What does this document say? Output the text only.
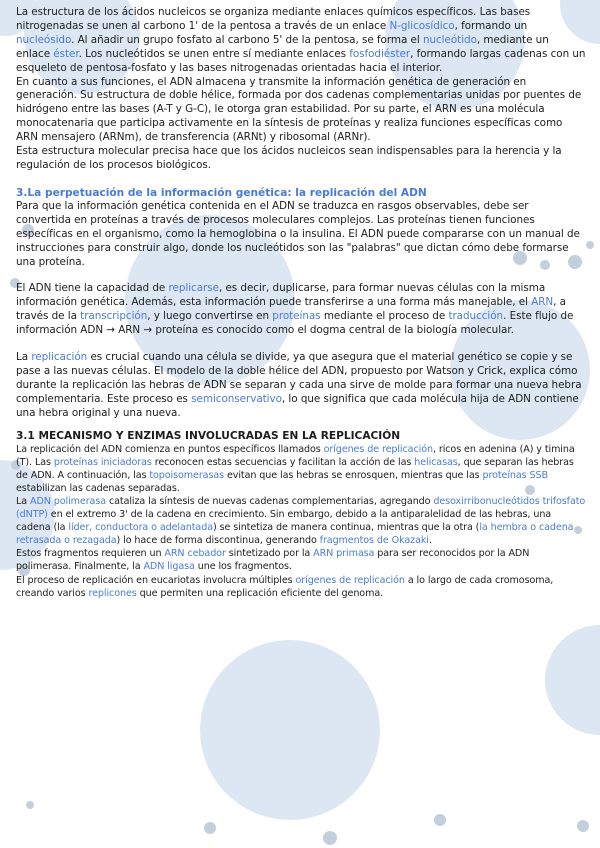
La estructura de los ácidos nucleicos se organiza mediante enlaces químicos específicos. Las bases nitrogenadas se unen al carbono 1' de la pentosa a través de un enlace N-glicosídico, formando un nucleósido. Al añadir un grupo fosfato al carbono 5' de la pentosa, se forma el nucleótido, mediante un enlace éster. Los nucleótidos se unen entre sí mediante enlaces fosfodiéster, formando largas cadenas con un esqueleto de pentosa-fosfato y las bases nitrogenadas orientadas hacia el interior.

En cuanto a sus funciones, el ADN almacena y transmite la información genética de generación en generación. Su estructura de doble hélice, formada por dos cadenas complementarias unidas por puentes de hidrógeno entre las bases (A-T y G-C), le otorga gran estabilidad. Por su parte, el ARN es una molécula monocatenaria que participa activamente en la síntesis de proteínas y realiza funciones específicas como ARN mensajero (ARNm), de transferencia (ARNt) y ribosomal (ARNr).

Esta estructura molecular precisa hace que los ácidos nucleicos sean indispensables para la herencia y la regulación de los procesos biológicos.

3.La perpetuación de la información genética: la replicación del ADN

Para que la información genética contenida en el ADN se traduzca en rasgos observables, debe ser convertida en proteínas a través de procesos moleculares complejos. Las proteínas tienen funciones específicas en el organismo, como la hemoglobina o la insulina. El ADN puede compararse con un manual de instrucciones para construir algo, donde los nucleótidos son las "palabras" que dictan cómo debe formarse una proteína.

El ADN tiene la capacidad de replicarse, es decir, duplicarse, para formar nuevas células con la misma información genética. Además, esta información puede transferirse a una forma más manejable, el ARN, a través de la transcripción, y luego convertirse en proteínas mediante el proceso de traducción. Este flujo de información ADN → ARN → proteína es conocido como el dogma central de la biología molecular.

La replicación es crucial cuando una célula se divide, ya que asegura que el material genético se copie y se pase a las nuevas células. El modelo de la doble hélice del ADN, propuesto por Watson y Crick, explica cómo durante la replicación las hebras de ADN se separan y cada una sirve de molde para formar una nueva hebra complementaria. Este proceso es semiconservativo, lo que significa que cada molécula hija de ADN contiene una hebra original y una nueva.

3.1 MECANISMO Y ENZIMAS INVOLUCRADAS EN LA REPLICACIÓN

La replicación del ADN comienza en puntos específicos llamados orígenes de replicación, ricos en adenina (A) y timina (T). Las proteínas iniciadoras reconocen estas secuencias y facilitan la acción de las helicasas, que separan las hebras de ADN. A continuación, las topoisomerasas evitan que las hebras se enrosquen, mientras que las proteínas SSB estabilizan las cadenas separadas.

La ADN polimerasa cataliza la síntesis de nuevas cadenas complementarias, agregando desoxirribonucleótidos trifosfato (dNTP) en el extremo 3' de la cadena en crecimiento. Sin embargo, debido a la antiparalelidad de las hebras, una cadena (la líder, conductora o adelantada) se sintetiza de manera continua, mientras que la otra (la hembra o cadena retrasada o rezagada) lo hace de forma discontinua, generando fragmentos de Okazaki.

Estos fragmentos requieren un ARN cebador sintetizado por la ARN primasa para ser reconocidos por la ADN polimerasa. Finalmente, la ADN ligasa une los fragmentos.

El proceso de replicación en eucariotas involucra múltiples orígenes de replicación a lo largo de cada cromosoma, creando varios replicones que permiten una replicación eficiente del genoma.
